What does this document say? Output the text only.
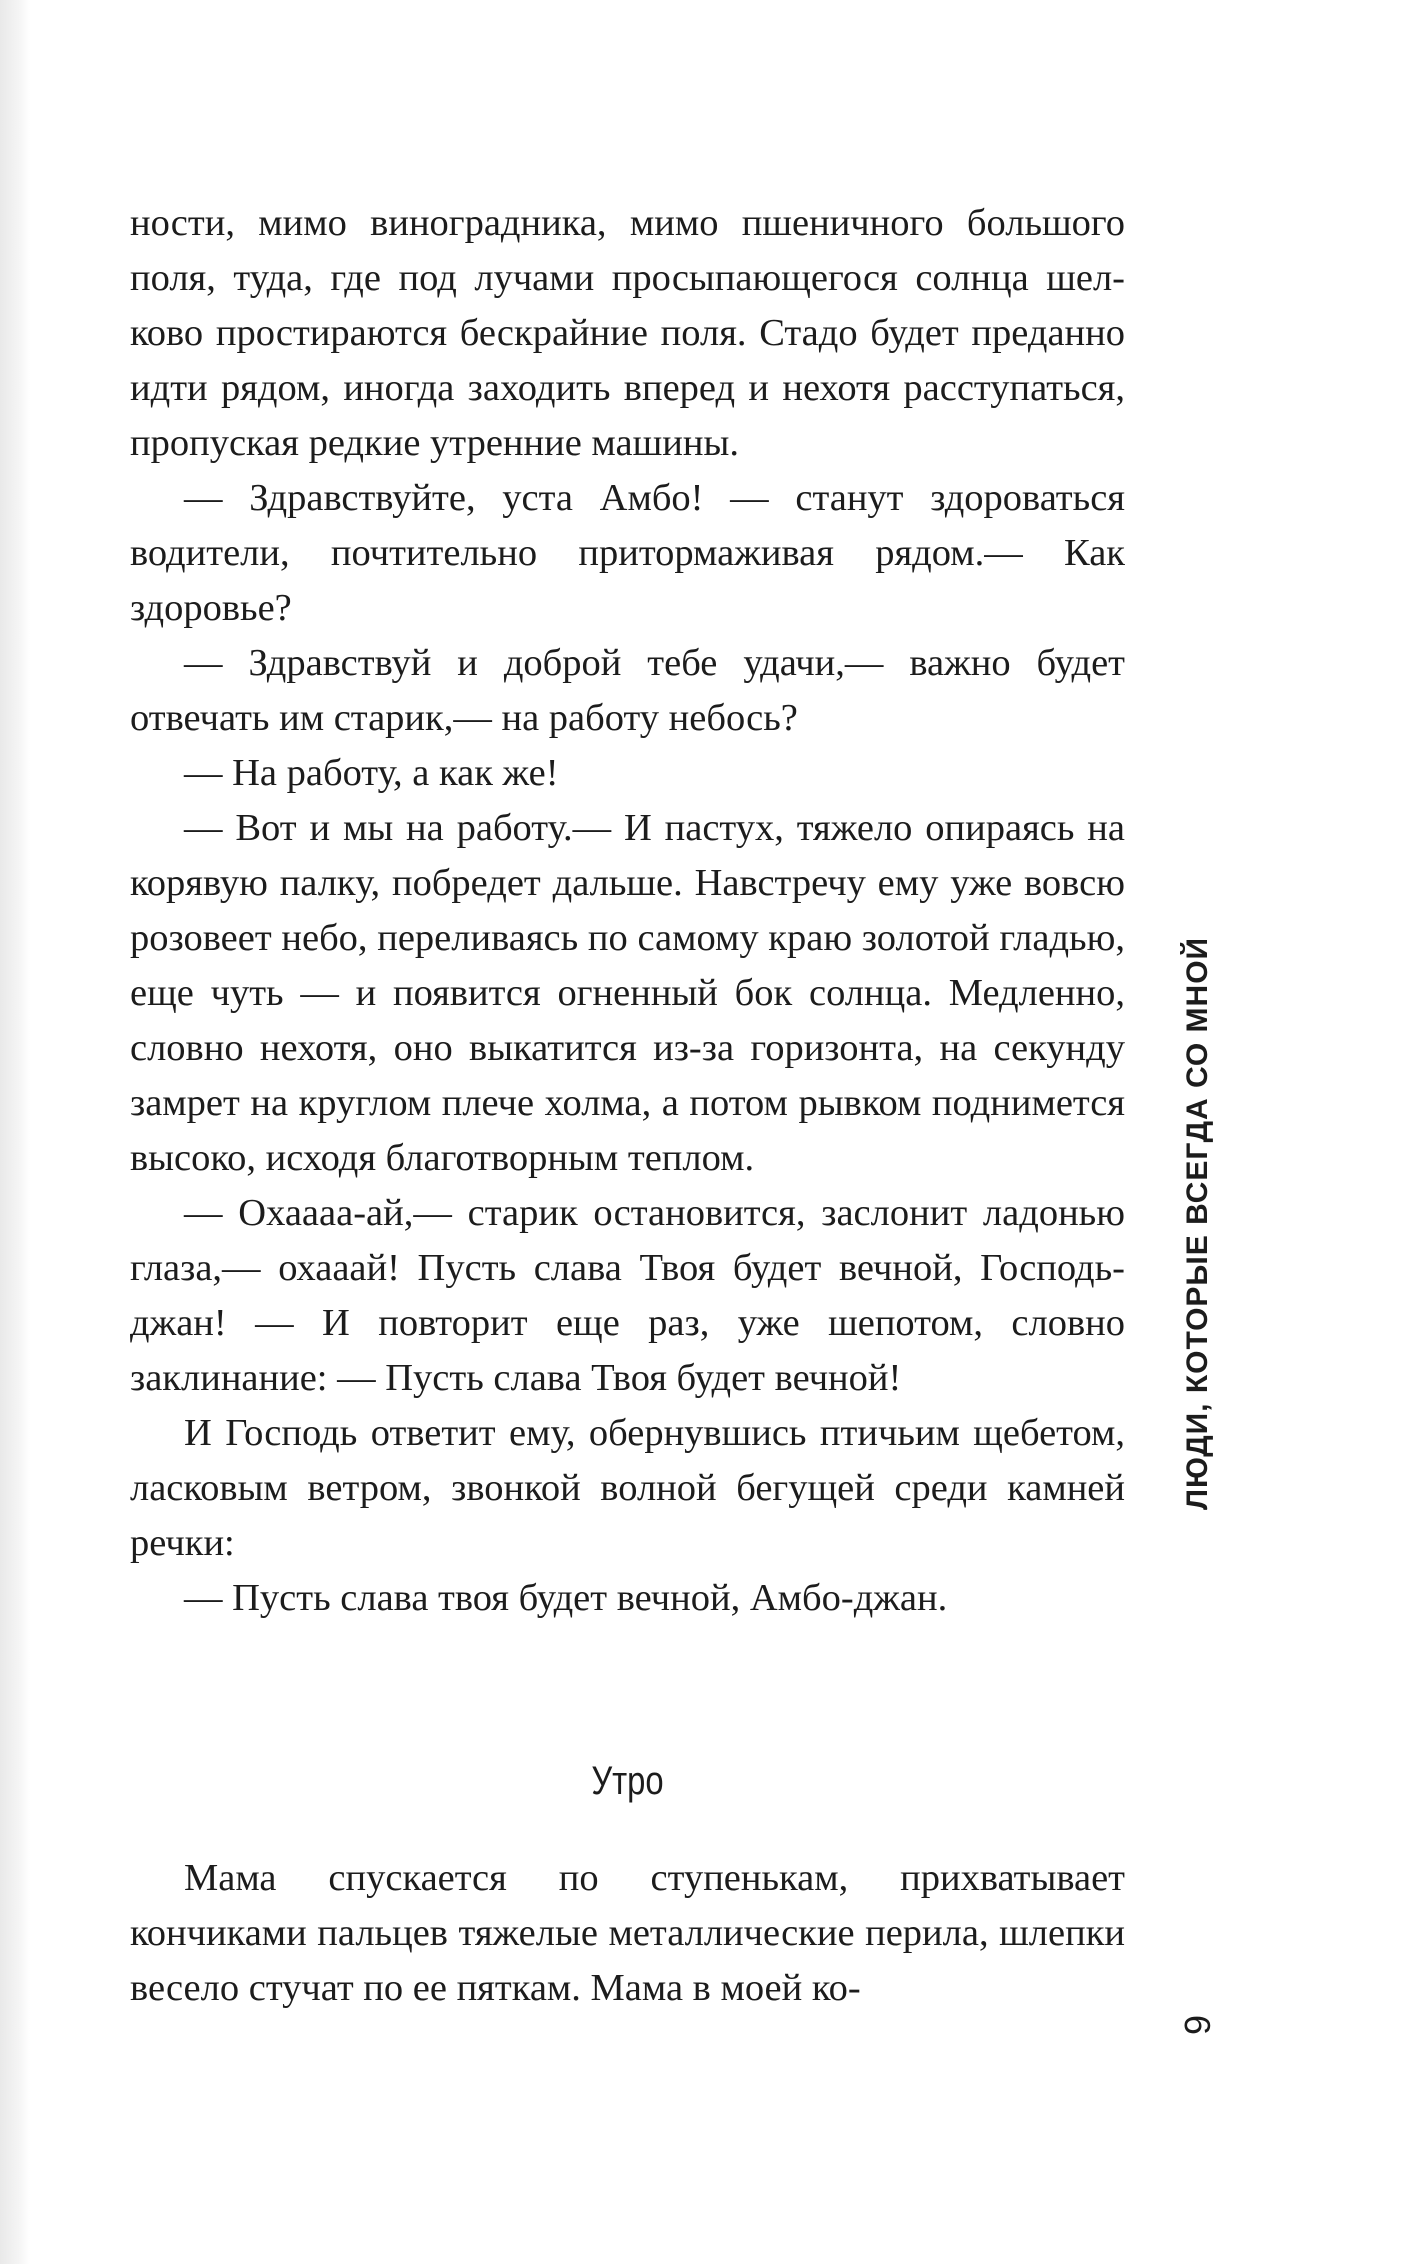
ности, мимо виноградника, мимо пшеничного большого поля, туда, где под лучами просыпающегося солнца шелково простираются бескрайние поля. Стадо будет преданно идти рядом, иногда заходить вперед и нехотя расступаться, пропуская редкие утренние машины.

— Здравствуйте, уста Амбо! — станут здороваться водители, почтительно притормаживая рядом.— Как здоровье?

— Здравствуй и доброй тебе удачи,— важно будет отвечать им старик,— на работу небось?

— На работу, а как же!

— Вот и мы на работу.— И пастух, тяжело опираясь на корявую палку, побредет дальше. Навстречу ему уже вовсю розовеет небо, переливаясь по самому краю золотой гладью, еще чуть — и появится огненный бок солнца. Медленно, словно нехотя, оно выкатится из-за горизонта, на секунду замрет на круглом плече холма, а потом рывком поднимется высоко, исходя благотворным теплом.

— Охаааа-ай,— старик остановится, заслонит ладонью глаза,— охааай! Пусть слава Твоя будет вечной, Господь-джан! — И повторит еще раз, уже шепотом, словно заклинание: — Пусть слава Твоя будет вечной!

И Господь ответит ему, обернувшись птичьим щебетом, ласковым ветром, звонкой волной бегущей среди камней речки:

— Пусть слава твоя будет вечной, Амбо-джан.

Утро

Мама спускается по ступенькам, прихватывает кончиками пальцев тяжелые металлические перила, шлепки весело стучат по ее пяткам. Мама в моей ко-

ЛЮДИ, КОТОРЫЕ ВСЕГДА СО МНОЙ
9
